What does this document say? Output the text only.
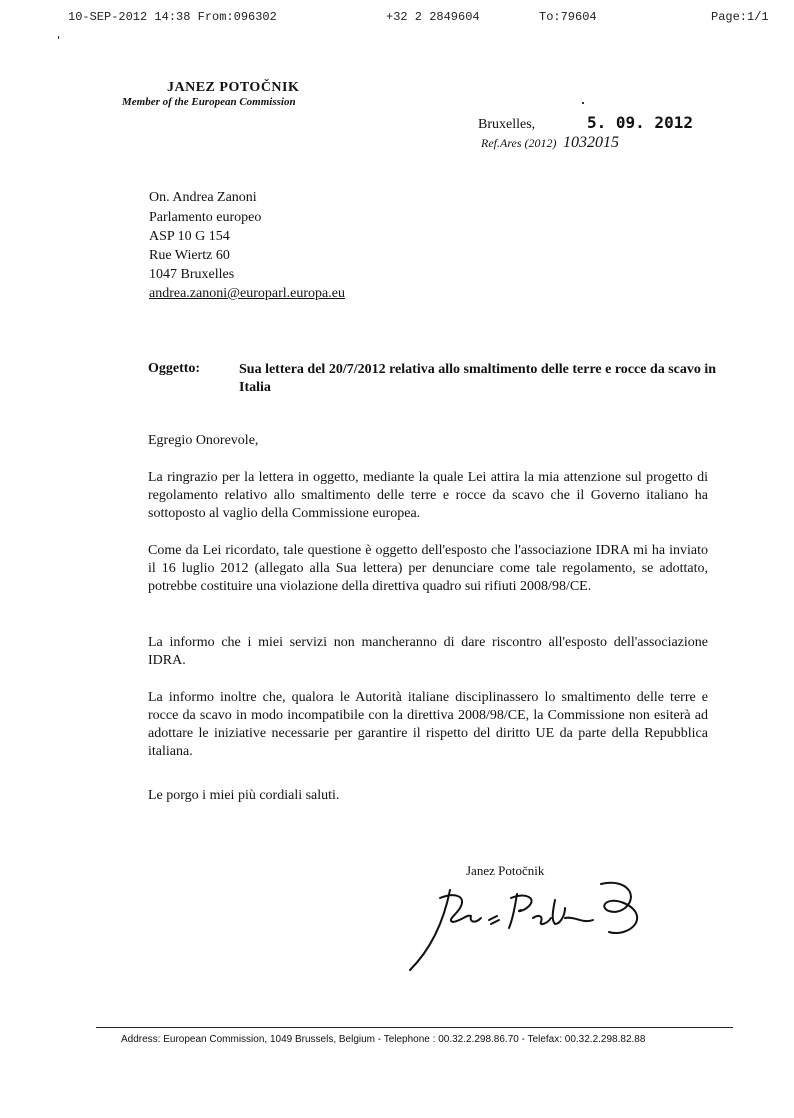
10-SEP-2012 14:38 From:096302	+32 2 2849604	To:79604	Page:1/1
JANEZ POTOČNIK
Member of the European Commission
Bruxelles,	5. 09. 2012
Ref.Ares (2012) 1032015
On. Andrea Zanoni
Parlamento europeo
ASP 10 G 154
Rue Wiertz 60
1047 Bruxelles
andrea.zanoni@europarl.europa.eu
Oggetto:	Sua lettera del 20/7/2012 relativa allo smaltimento delle terre e rocce da scavo in Italia
Egregio Onorevole,
La ringrazio per la lettera in oggetto, mediante la quale Lei attira la mia attenzione sul progetto di regolamento relativo allo smaltimento delle terre e rocce da scavo che il Governo italiano ha sottoposto al vaglio della Commissione europea.
Come da Lei ricordato, tale questione è oggetto dell'esposto che l'associazione IDRA mi ha inviato il 16 luglio 2012 (allegato alla Sua lettera) per denunciare come tale regolamento, se adottato, potrebbe costituire una violazione della direttiva quadro sui rifiuti 2008/98/CE.
La informo che i miei servizi non mancheranno di dare riscontro all'esposto dell'associazione IDRA.
La informo inoltre che, qualora le Autorità italiane disciplinassero lo smaltimento delle terre e rocce da scavo in modo incompatibile con la direttiva 2008/98/CE, la Commissione non esiterà ad adottare le iniziative necessarie per garantire il rispetto del diritto UE da parte della Repubblica italiana.
Le porgo i miei più cordiali saluti.
Janez Potočnik
Address: European Commission, 1049 Brussels, Belgium - Telephone : 00.32.2.298.86.70 - Telefax: 00.32.2.298.82.88
